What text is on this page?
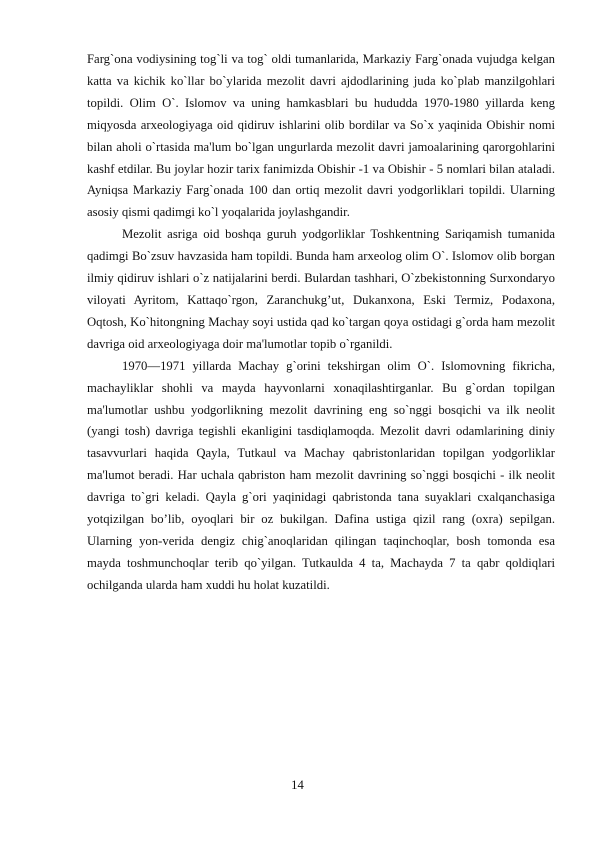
Farg`ona vodiysining tog`li va tog` oldi tumanlarida, Markaziy Farg`onada vujudga kelgan katta va kichik ko`llar bo`ylarida mezolit davri ajdodlarining juda ko`plab manzilgohlari topildi. Olim O`. Islomov va uning hamkasblari bu hududda 1970-1980 yillarda keng miqyosda arxeologiyaga oid qidiruv ishlarini olib bordilar va So`x yaqinida Obishir nomi bilan aholi o`rtasida ma'lum bo`lgan ungurlarda mezolit davri jamoalarining qarorgohlarini kashf etdilar. Bu joylar hozir tarix fanimizda Obishir -1 va Obishir - 5 nomlari bilan ataladi. Ayniqsa Markaziy Farg`onada 100 dan ortiq mezolit davri yodgorliklari topildi. Ularning asosiy qismi qadimgi ko`l yoqalarida joylashgandir.

Mezolit asriga oid boshqa guruh yodgorliklar Toshkentning Sariqamish tumanida qadimgi Bo`zsuv havzasida ham topildi. Bunda ham arxeolog olim O`. Islomov olib borgan ilmiy qidiruv ishlari o`z natijalarini berdi. Bulardan tashhari, O`zbekistonning Surxondaryo viloyati Ayritom, Kattaqo`rgon, Zaranchukg’ut, Dukanxona, Eski Termiz, Podaxona, Oqtosh, Ko`hitongning Machay soyi ustida qad ko`targan qoya ostidagi g`orda ham mezolit davriga oid arxeologiyaga doir ma'lumotlar topib o`rganildi.

1970—1971 yillarda Machay g`orini tekshirgan olim O`. Islomovning fikricha, machayliklar shohli va mayda hayvonlarni xonaqilashtirganlar. Bu g`ordan topilgan ma'lumotlar ushbu yodgorlikning mezolit davrining eng so`nggi bosqichi va ilk neolit (yangi tosh) davriga tegishli ekanligini tasdiqlamoqda. Mezolit davri odamlarining diniy tasavvurlari haqida Qayla, Tutkaul va Machay qabristonlaridan topilgan yodgorliklar ma'lumot beradi. Har uchala qabriston ham mezolit davrining so`nggi bosqichi - ilk neolit davriga to`gri keladi. Qayla g`ori yaqinidagi qabristonda tana suyaklari cxalqanchasiga yotqizilgan bo’lib, oyoqlari bir oz bukilgan. Dafina ustiga qizil rang (oxra) sepilgan. Ularning yon-verida dengiz chig`anoqlaridan qilingan taqinchoqlar, bosh tomonda esa mayda toshmunchoqlar terib qo`yilgan. Tutkaulda 4 ta, Machayda 7 ta qabr qoldiqlari ochilganda ularda ham xuddi hu holat kuzatildi.

14
